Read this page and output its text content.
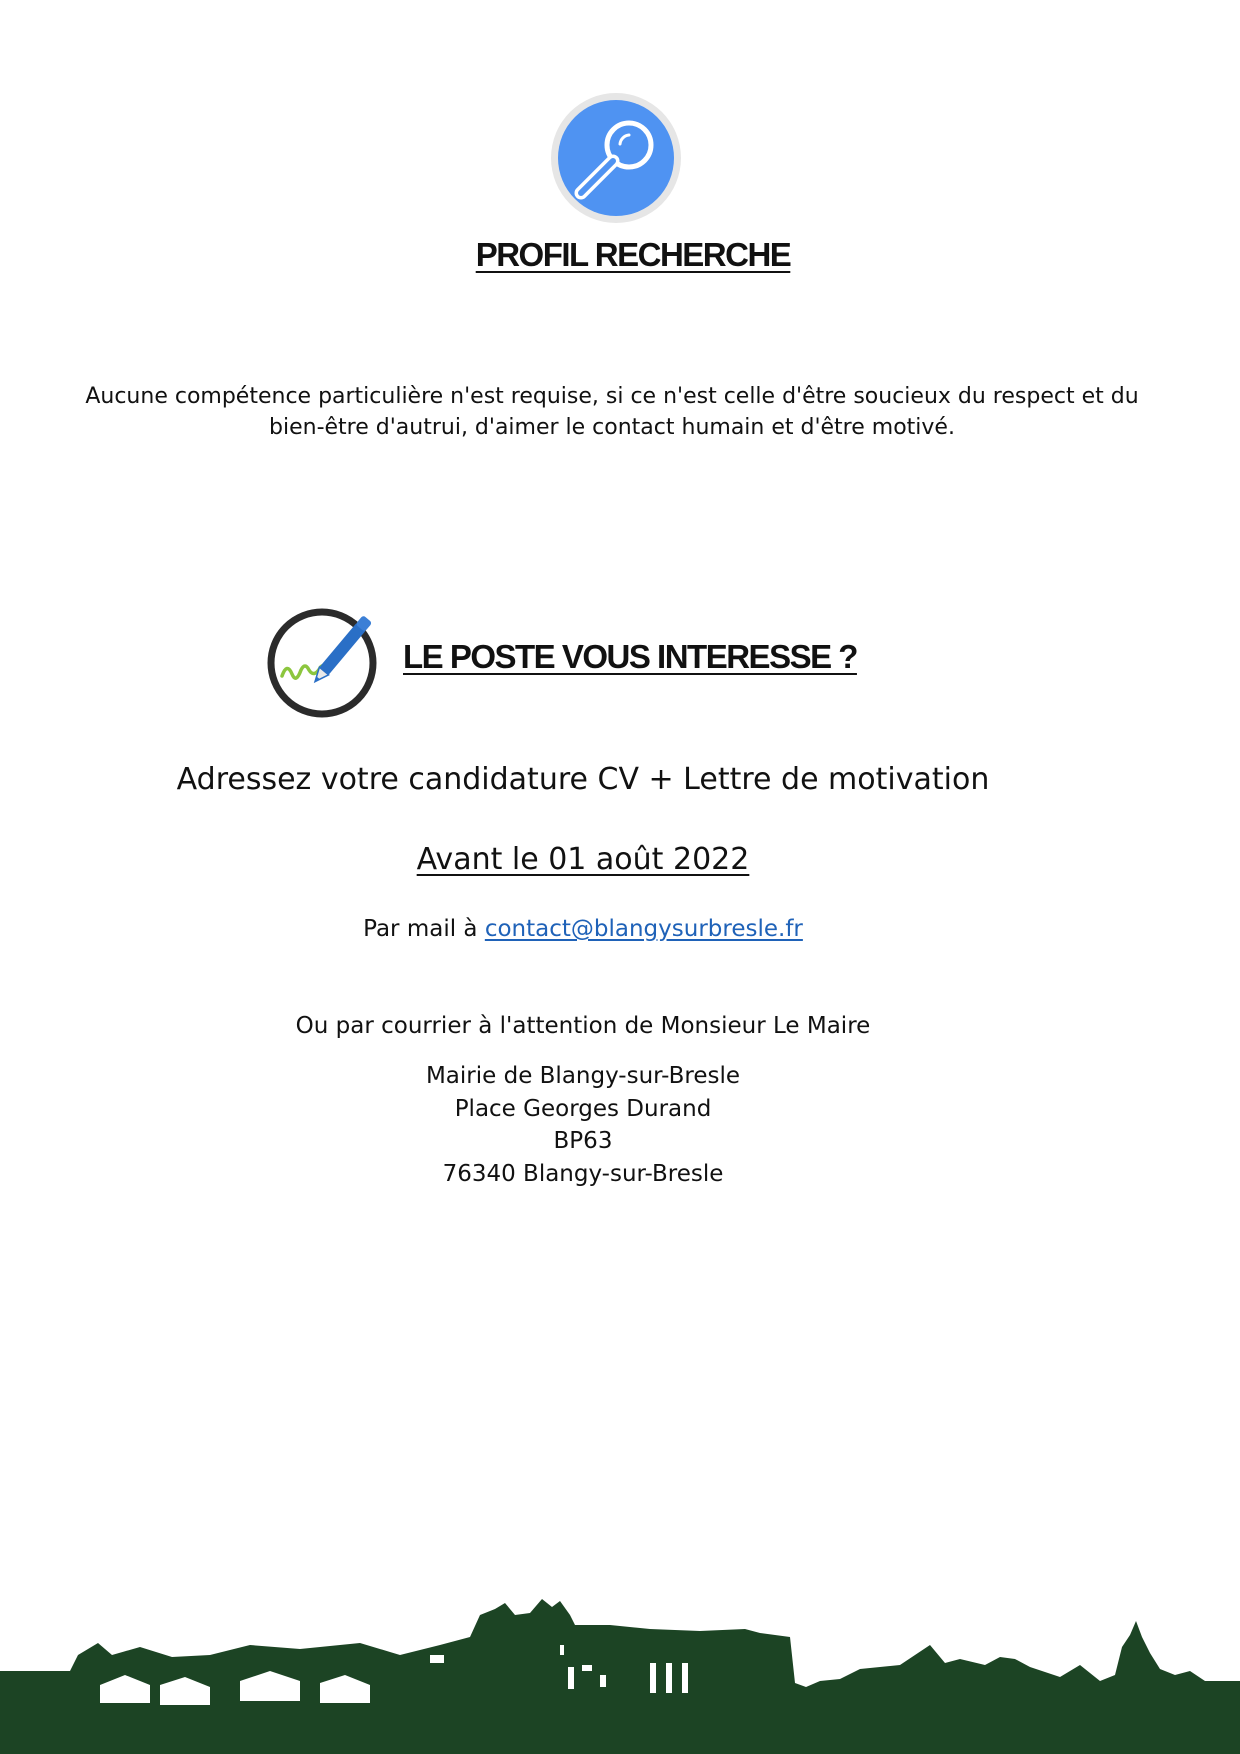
PROFIL RECHERCHE
Aucune compétence particulière n'est requise, si ce n'est celle d'être soucieux du respect et du bien-être d'autrui, d'aimer le contact humain et d'être motivé.
LE POSTE VOUS INTERESSE ?
Adressez votre candidature CV + Lettre de motivation
Avant le 01 août 2022
Par mail à contact@blangysurbresle.fr
Ou par courrier à l'attention de Monsieur Le Maire
Mairie de Blangy-sur-Bresle
Place Georges Durand
BP63
76340 Blangy-sur-Bresle
